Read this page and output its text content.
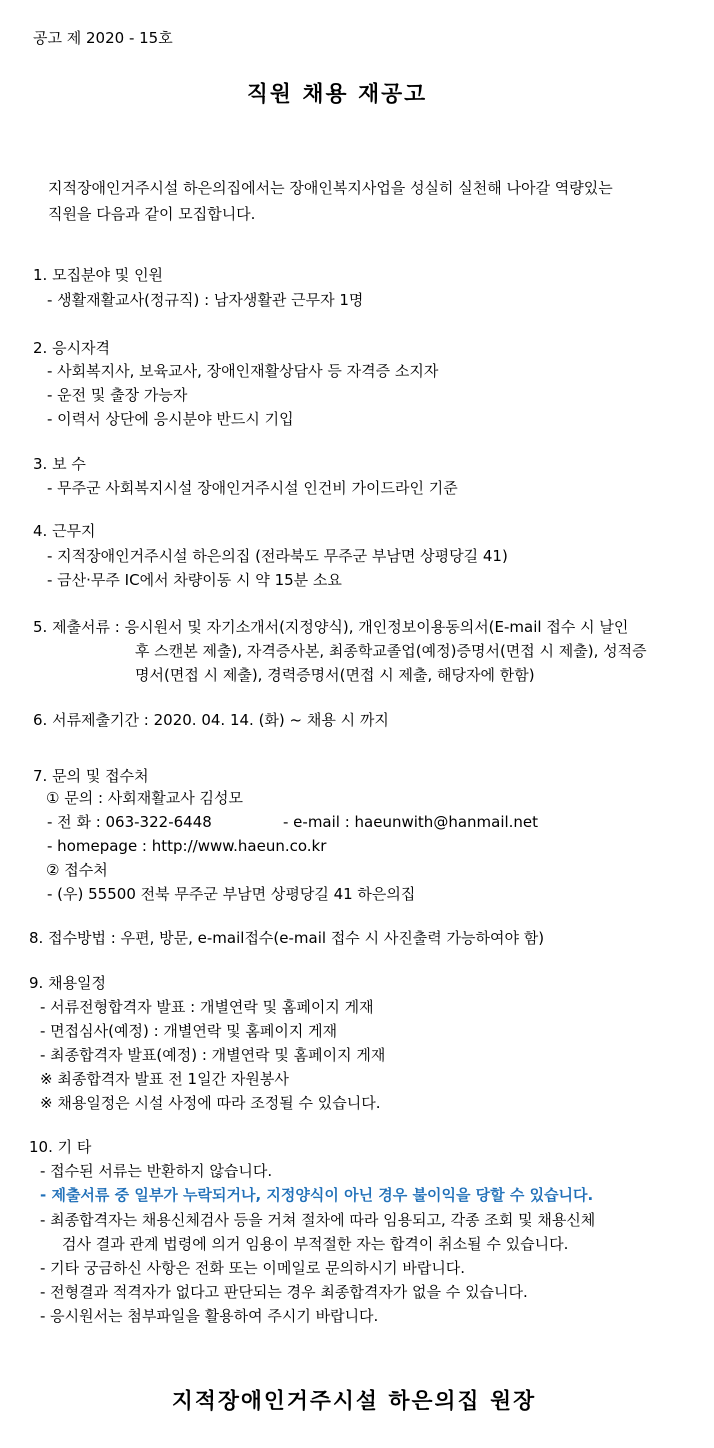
공고 제 2020 - 15호
직원 채용 재공고
지적장애인거주시설 하은의집에서는 장애인복지사업을 성실히 실천해 나아갈 역량있는
직원을 다음과 같이 모집합니다.
1. 모집분야 및 인원
- 생활재활교사(정규직) : 남자생활관 근무자 1명
2. 응시자격
- 사회복지사, 보육교사, 장애인재활상담사 등 자격증 소지자
- 운전 및 출장 가능자
- 이력서 상단에 응시분야 반드시 기입
3. 보 수
- 무주군 사회복지시설 장애인거주시설 인건비 가이드라인 기준
4. 근무지
- 지적장애인거주시설 하은의집 (전라북도 무주군 부남면 상평당길 41)
- 금산·무주 IC에서 차량이동 시 약 15분 소요
5. 제출서류 : 응시원서 및 자기소개서(지정양식), 개인정보이용동의서(E-mail 접수 시 날인
후 스캔본 제출), 자격증사본, 최종학교졸업(예정)증명서(면접 시 제출), 성적증
명서(면접 시 제출), 경력증명서(면접 시 제출, 해당자에 한함)
6. 서류제출기간 : 2020. 04. 14. (화) ~ 채용 시 까지
7. 문의 및 접수처
① 문의 : 사회재활교사 김성모
- 전 화 : 063-322-6448	- e-mail : haeunwith@hanmail.net
- homepage : http://www.haeun.co.kr
② 접수처
- (우) 55500 전북 무주군 부남면 상평당길 41 하은의집
8. 접수방법 : 우편, 방문, e-mail접수(e-mail 접수 시 사진출력 가능하여야 함)
9. 채용일정
- 서류전형합격자 발표 : 개별연락 및 홈페이지 게재
- 면접심사(예정) : 개별연락 및 홈페이지 게재
- 최종합격자 발표(예정) : 개별연락 및 홈페이지 게재
※ 최종합격자 발표 전 1일간 자원봉사
※ 채용일정은 시설 사정에 따라 조정될 수 있습니다.
10. 기 타
- 접수된 서류는 반환하지 않습니다.
- 제출서류 중 일부가 누락되거나, 지정양식이 아닌 경우 불이익을 당할 수 있습니다.
- 최종합격자는 채용신체검사 등을 거쳐 절차에 따라 임용되고, 각종 조회 및 채용신체
검사 결과 관계 법령에 의거 임용이 부적절한 자는 합격이 취소될 수 있습니다.
- 기타 궁금하신 사항은 전화 또는 이메일로 문의하시기 바랍니다.
- 전형결과 적격자가 없다고 판단되는 경우 최종합격자가 없을 수 있습니다.
- 응시원서는 첨부파일을 활용하여 주시기 바랍니다.
지적장애인거주시설 하은의집 원장
